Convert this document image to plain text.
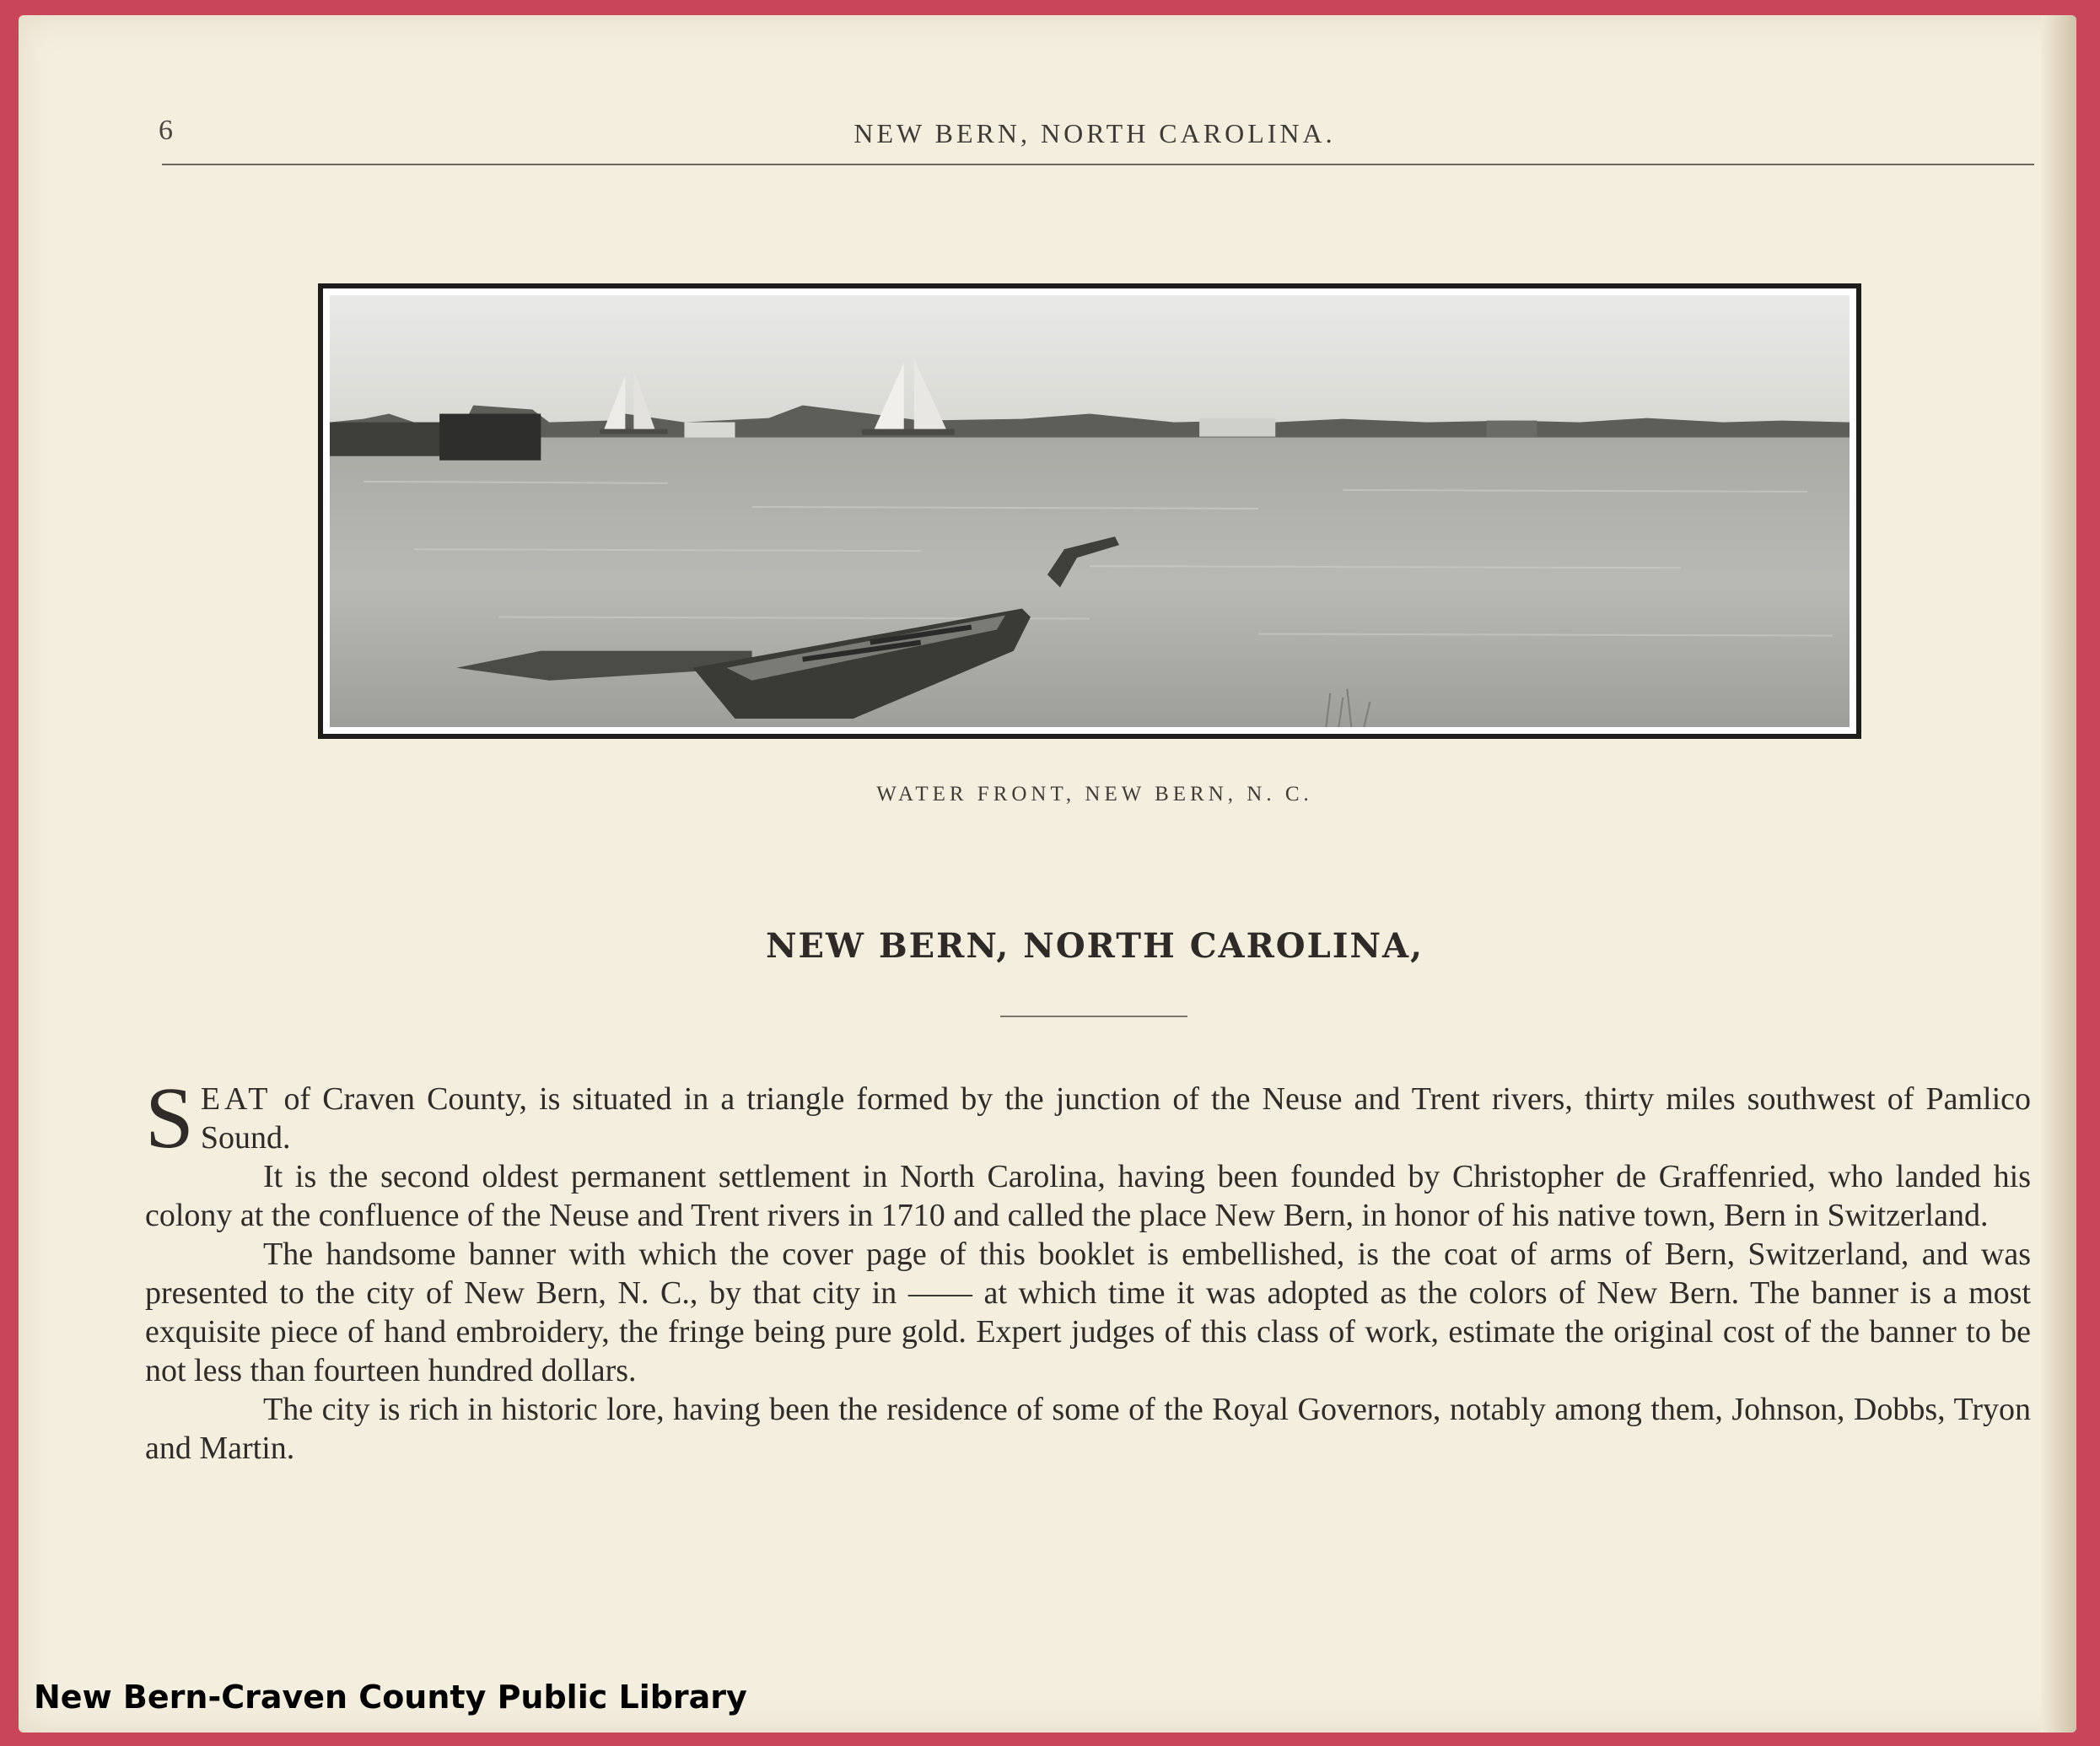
6	NEW BERN, NORTH CAROLINA.
WATER FRONT, NEW BERN, N. C.
NEW BERN, NORTH CAROLINA,

SEAT of Craven County, is situated in a triangle formed by the junction of the Neuse and Trent rivers, thirty miles southwest of Pamlico Sound.

It is the second oldest permanent settlement in North Carolina, having been founded by Christopher de Graffenried, who landed his colony at the confluence of the Neuse and Trent rivers in 1710 and called the place New Bern, in honor of his native town, Bern in Switzerland.

The handsome banner with which the cover page of this booklet is embellished, is the coat of arms of Bern, Switzerland, and was presented to the city of New Bern, N. C., by that city in —— at which time it was adopted as the colors of New Bern. The banner is a most exquisite piece of hand embroidery, the fringe being pure gold. Expert judges of this class of work, estimate the original cost of the banner to be not less than fourteen hundred dollars.

The city is rich in historic lore, having been the residence of some of the Royal Governors, notably among them, Johnson, Dobbs, Tryon and Martin.

New Bern-Craven County Public Library
